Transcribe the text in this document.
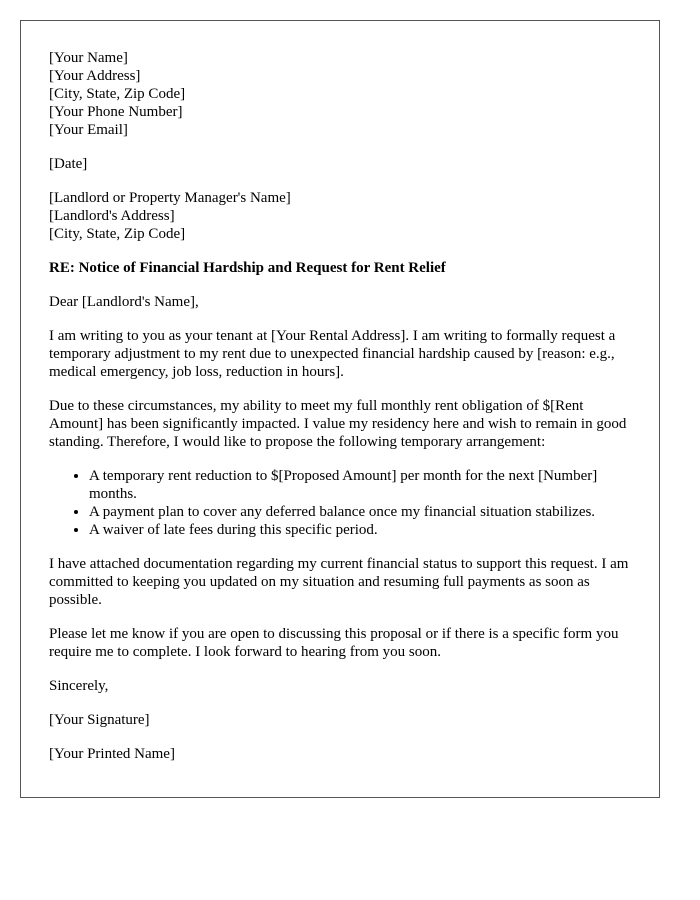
[Your Name]
[Your Address]
[City, State, Zip Code]
[Your Phone Number]
[Your Email]
[Date]
[Landlord or Property Manager's Name]
[Landlord's Address]
[City, State, Zip Code]
RE: Notice of Financial Hardship and Request for Rent Relief

Dear [Landlord's Name],

I am writing to you as your tenant at [Your Rental Address]. I am writing to formally request a temporary adjustment to my rent due to unexpected financial hardship caused by [reason: e.g., medical emergency, job loss, reduction in hours].

Due to these circumstances, my ability to meet my full monthly rent obligation of $[Rent Amount] has been significantly impacted. I value my residency here and wish to remain in good standing. Therefore, I would like to propose the following temporary arrangement:

• A temporary rent reduction to $[Proposed Amount] per month for the next [Number] months.
• A payment plan to cover any deferred balance once my financial situation stabilizes.
• A waiver of late fees during this specific period.

I have attached documentation regarding my current financial status to support this request. I am committed to keeping you updated on my situation and resuming full payments as soon as possible.

Please let me know if you are open to discussing this proposal or if there is a specific form you require me to complete. I look forward to hearing from you soon.

Sincerely,

[Your Signature]

[Your Printed Name]
